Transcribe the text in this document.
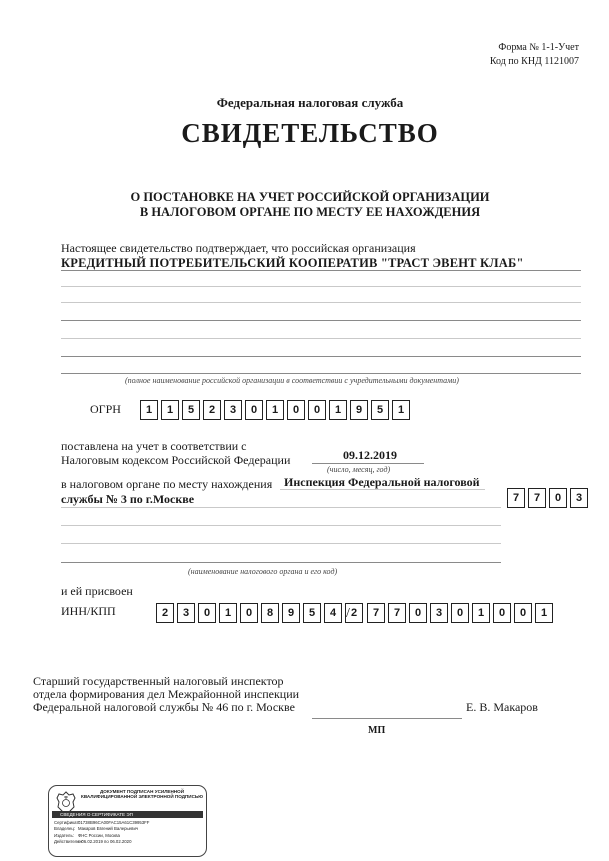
Форма № 1-1-Учет
Код по КНД 1121007
Федеральная налоговая служба
СВИДЕТЕЛЬСТВО
О ПОСТАНОВКЕ НА УЧЕТ РОССИЙСКОЙ ОРГАНИЗАЦИИ
В НАЛОГОВОМ ОРГАНЕ ПО МЕСТУ ЕЕ НАХОЖДЕНИЯ
Настоящее свидетельство подтверждает, что российская организация
КРЕДИТНЫЙ ПОТРЕБИТЕЛЬСКИЙ КООПЕРАТИВ "ТРАСТ ЭВЕНТ КЛАБ"
(полное наименование российской организации в соответствии с учредительными документами)
ОГРН	1	1	5	2	3	0	1	0	0	1	9	5	1
поставлена на учет в соответствии с
Налоговым кодексом Российской Федерации	09.12.2019
(число, месяц, год)
в налоговом органе по месту нахождения Инспекция Федеральной налоговой
службы № 3 по г.Москве	7	7	0	3
(наименование налогового органа и его код)
и ей присвоен
ИНН/КПП	2	3	0	1	0	8	9	5	4	2
/	7	7	0	3	0	1	0	0	1
Старший государственный налоговый инспектор
отдела формирования дел Межрайонной инспекции
Федеральной налоговой службы № 46 по г. Москве	Е. В. Макаров
МП
ДОКУМЕНТ ПОДПИСАН УСИЛЕННОЙ КВАЛИФИЦИРОВАННОЙ ЭЛЕКТРОННОЙ ПОДПИСЬЮ
СВЕДЕНИЯ О СЕРТИФИКАТЕ ЭП
Сертификат:01738B96CA00FAC15A61C39953FF
Владелец: Макаров Евгений Валерьевич
Издатель: ФНС России, Москва
Действителен:с 06.02.2019 по 06.02.2020
